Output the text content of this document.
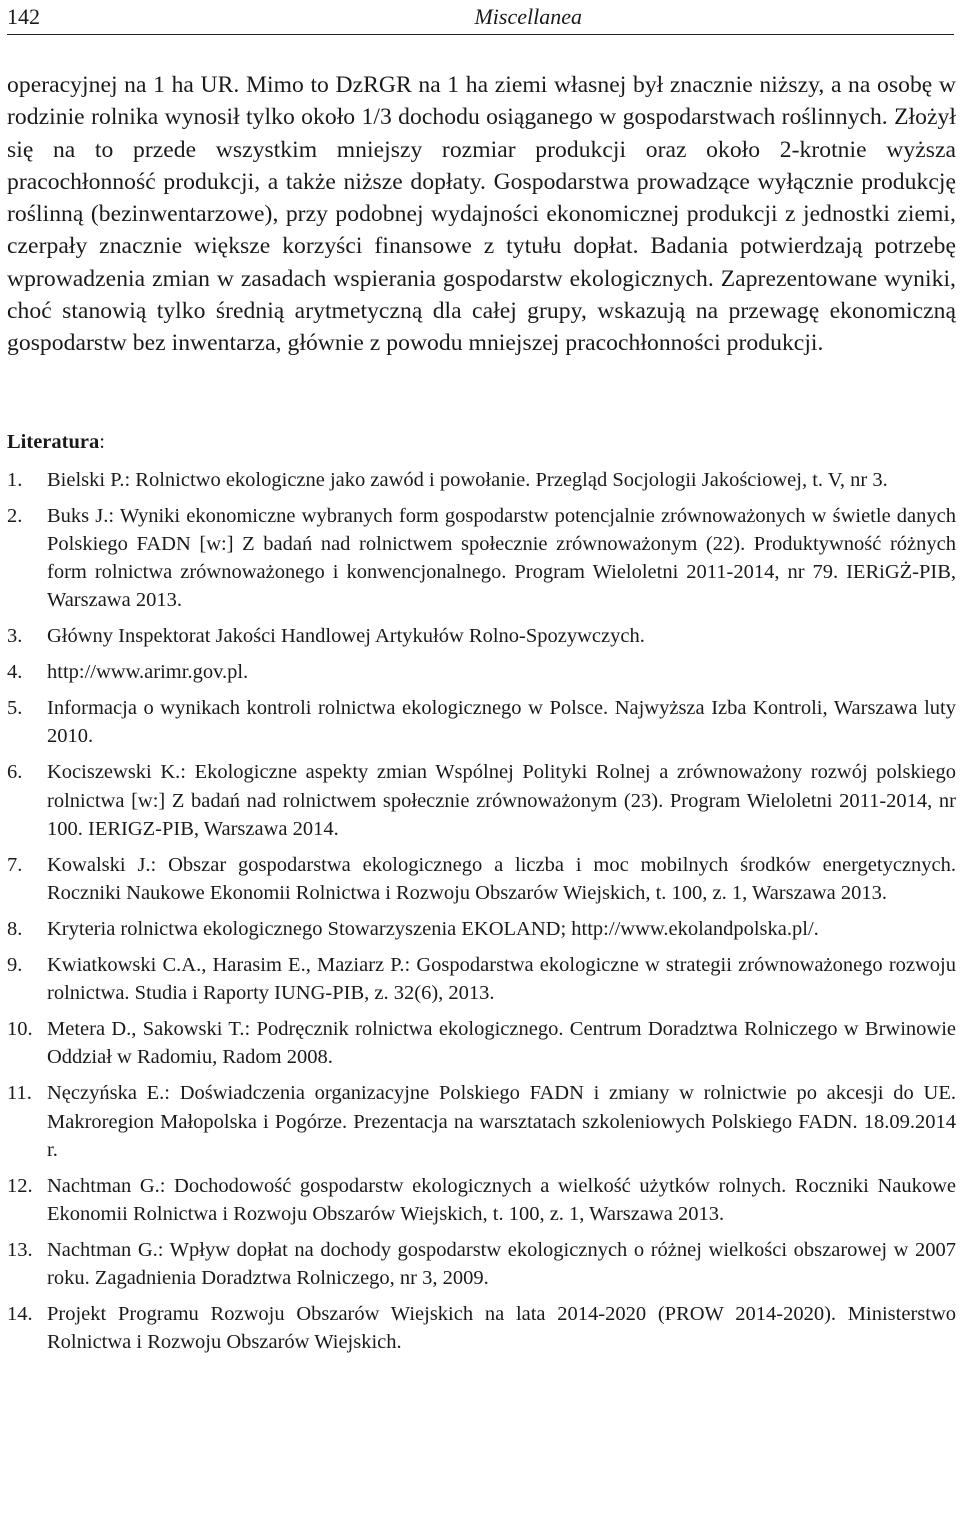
142	Miscellanea
operacyjnej na 1 ha UR. Mimo to DzRGR na 1 ha ziemi własnej był znacznie niższy, a na osobę w rodzinie rolnika wynosił tylko około 1/3 dochodu osiąganego w gospodarstwach roślinnych. Złożył się na to przede wszystkim mniejszy rozmiar produkcji oraz około 2-krotnie wyższa pracochłonność produkcji, a także niższe dopłaty. Gospodarstwa prowadzące wyłącznie produkcję roślinną (bezinwentarzowe), przy podobnej wydajności ekonomicznej produkcji z jednostki ziemi, czerpały znacznie większe korzyści finansowe z tytułu dopłat. Badania potwierdzają potrzebę wprowadzenia zmian w zasadach wspierania gospodarstw ekologicznych. Zaprezentowane wyniki, choć stanowią tylko średnią arytmetyczną dla całej grupy, wskazują na przewagę ekonomiczną gospodarstw bez inwentarza, głównie z powodu mniejszej pracochłonności produkcji.
Literatura:
1.	Bielski P.: Rolnictwo ekologiczne jako zawód i powołanie. Przegląd Socjologii Jakościowej, t. V, nr 3.
2.	Buks J.: Wyniki ekonomiczne wybranych form gospodarstw potencjalnie zrównoważonych w świetle danych Polskiego FADN [w:] Z badań nad rolnictwem społecznie zrównoważonym (22). Produktywność różnych form rolnictwa zrównoważonego i konwencjonalnego. Program Wieloletni 2011-2014, nr 79. IERiGŻ-PIB, Warszawa 2013.
3.	Główny Inspektorat Jakości Handlowej Artykułów Rolno-Spozywczych.
4.	http://www.arimr.gov.pl.
5.	Informacja o wynikach kontroli rolnictwa ekologicznego w Polsce. Najwyższa Izba Kontroli, Warszawa luty 2010.
6.	Kociszewski K.: Ekologiczne aspekty zmian Wspólnej Polityki Rolnej a zrównoważony rozwój polskiego rolnictwa [w:] Z badań nad rolnictwem społecznie zrównoważonym (23). Program Wieloletni 2011-2014, nr 100. IERIGZ-PIB, Warszawa 2014.
7.	Kowalski J.: Obszar gospodarstwa ekologicznego a liczba i moc mobilnych środków energetycznych. Roczniki Naukowe Ekonomii Rolnictwa i Rozwoju Obszarów Wiejskich, t. 100, z. 1, Warszawa 2013.
8.	Kryteria rolnictwa ekologicznego Stowarzyszenia EKOLAND; http://www.ekolandpolska.pl/.
9.	Kwiatkowski C.A., Harasim E., Maziarz P.: Gospodarstwa ekologiczne w strategii zrównoważonego rozwoju rolnictwa. Studia i Raporty IUNG-PIB, z. 32(6), 2013.
10. Metera D., Sakowski T.: Podręcznik rolnictwa ekologicznego. Centrum Doradztwa Rolniczego w Brwinowie Oddział w Radomiu, Radom 2008.
11. Nęczyńska E.: Doświadczenia organizacyjne Polskiego FADN i zmiany w rolnictwie po akcesji do UE. Makroregion Małopolska i Pogórze. Prezentacja na warsztatach szkoleniowych Polskiego FADN. 18.09.2014 r.
12. Nachtman G.: Dochodowość gospodarstw ekologicznych a wielkość użytków rolnych. Roczniki Naukowe Ekonomii Rolnictwa i Rozwoju Obszarów Wiejskich, t. 100, z. 1, Warszawa 2013.
13. Nachtman G.: Wpływ dopłat na dochody gospodarstw ekologicznych o różnej wielkości obszarowej w 2007 roku. Zagadnienia Doradztwa Rolniczego, nr 3, 2009.
14. Projekt Programu Rozwoju Obszarów Wiejskich na lata 2014-2020 (PROW 2014-2020). Ministerstwo Rolnictwa i Rozwoju Obszarów Wiejskich.
